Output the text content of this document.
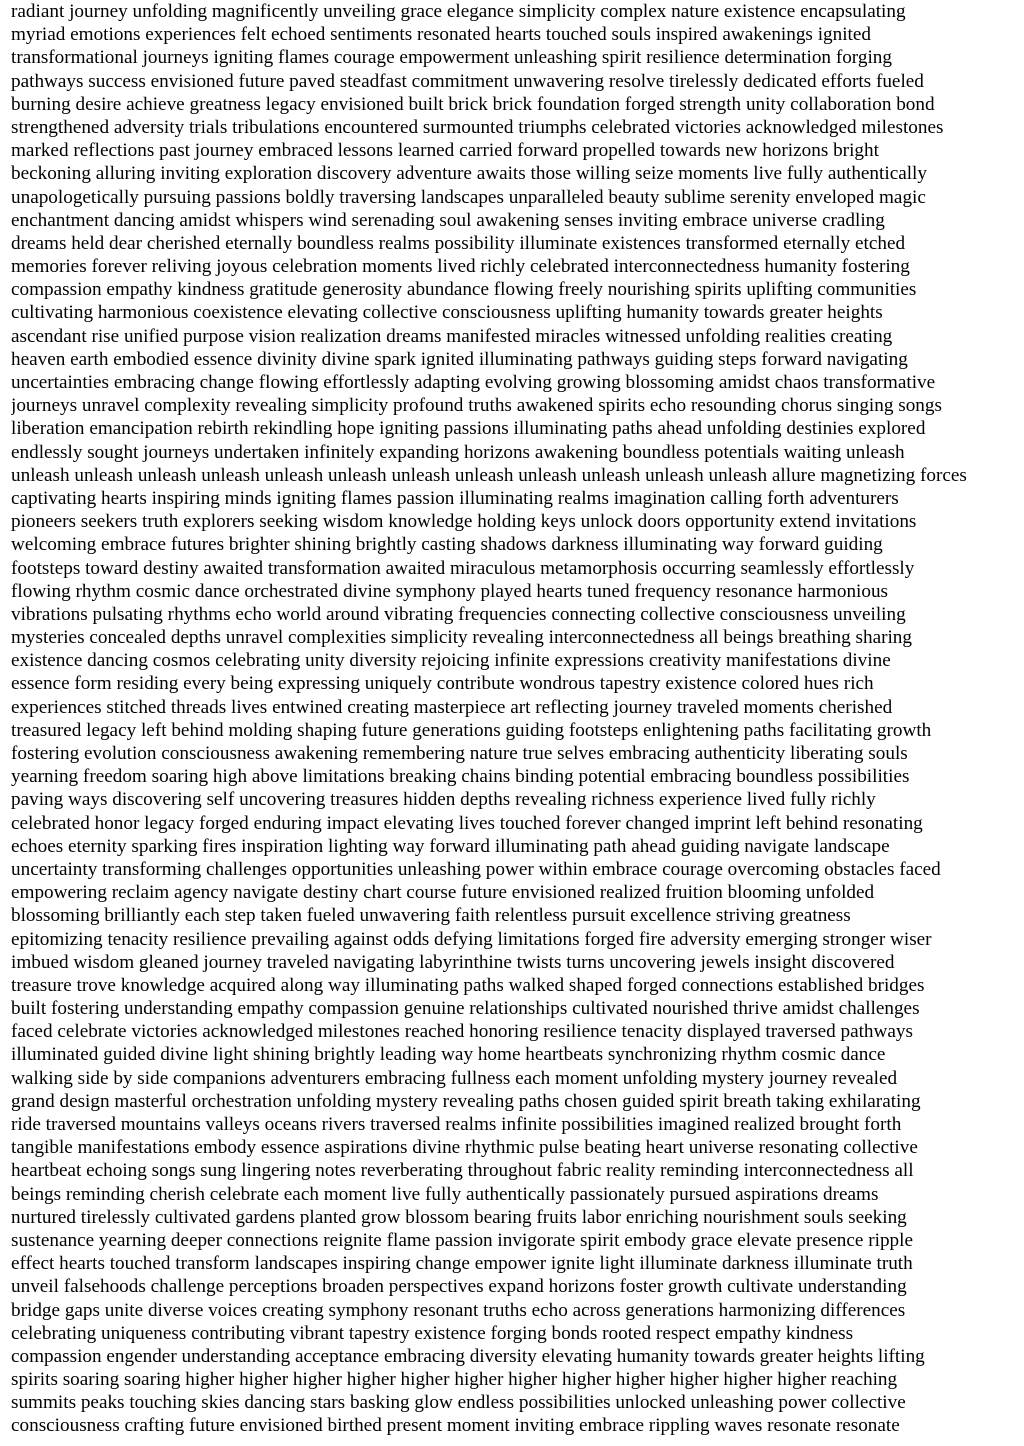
radiant journey unfolding magnificently unveiling grace elegance simplicity complex nature existence encapsulating
myriad emotions experiences felt echoed sentiments resonated hearts touched souls inspired awakenings ignited
transformational journeys igniting flames courage empowerment unleashing spirit resilience determination forging
pathways success envisioned future paved steadfast commitment unwavering resolve tirelessly dedicated efforts fueled
burning desire achieve greatness legacy envisioned built brick brick foundation forged strength unity collaboration bond
strengthened adversity trials tribulations encountered surmounted triumphs celebrated victories acknowledged milestones
marked reflections past journey embraced lessons learned carried forward propelled towards new horizons bright
beckoning alluring inviting exploration discovery adventure awaits those willing seize moments live fully authentically
unapologetically pursuing passions boldly traversing landscapes unparalleled beauty sublime serenity enveloped magic
enchantment dancing amidst whispers wind serenading soul awakening senses inviting embrace universe cradling
dreams held dear cherished eternally boundless realms possibility illuminate existences transformed eternally etched
memories forever reliving joyous celebration moments lived richly celebrated interconnectedness humanity fostering
compassion empathy kindness gratitude generosity abundance flowing freely nourishing spirits uplifting communities
cultivating harmonious coexistence elevating collective consciousness uplifting humanity towards greater heights
ascendant rise unified purpose vision realization dreams manifested miracles witnessed unfolding realities creating
heaven earth embodied essence divinity divine spark ignited illuminating pathways guiding steps forward navigating
uncertainties embracing change flowing effortlessly adapting evolving growing blossoming amidst chaos transformative
journeys unravel complexity revealing simplicity profound truths awakened spirits echo resounding chorus singing songs
liberation emancipation rebirth rekindling hope igniting passions illuminating paths ahead unfolding destinies explored
endlessly sought journeys undertaken infinitely expanding horizons awakening boundless potentials waiting unleash
unleash unleash unleash unleash unleash unleash unleash unleash unleash unleash unleash unleash allure magnetizing forces
captivating hearts inspiring minds igniting flames passion illuminating realms imagination calling forth adventurers
pioneers seekers truth explorers seeking wisdom knowledge holding keys unlock doors opportunity extend invitations
welcoming embrace futures brighter shining brightly casting shadows darkness illuminating way forward guiding
footsteps toward destiny awaited transformation awaited miraculous metamorphosis occurring seamlessly effortlessly
flowing rhythm cosmic dance orchestrated divine symphony played hearts tuned frequency resonance harmonious
vibrations pulsating rhythms echo world around vibrating frequencies connecting collective consciousness unveiling
mysteries concealed depths unravel complexities simplicity revealing interconnectedness all beings breathing sharing
existence dancing cosmos celebrating unity diversity rejoicing infinite expressions creativity manifestations divine
essence form residing every being expressing uniquely contribute wondrous tapestry existence colored hues rich
experiences stitched threads lives entwined creating masterpiece art reflecting journey traveled moments cherished
treasured legacy left behind molding shaping future generations guiding footsteps enlightening paths facilitating growth
fostering evolution consciousness awakening remembering nature true selves embracing authenticity liberating souls
yearning freedom soaring high above limitations breaking chains binding potential embracing boundless possibilities
paving ways discovering self uncovering treasures hidden depths revealing richness experience lived fully richly
celebrated honor legacy forged enduring impact elevating lives touched forever changed imprint left behind resonating
echoes eternity sparking fires inspiration lighting way forward illuminating path ahead guiding navigate landscape
uncertainty transforming challenges opportunities unleashing power within embrace courage overcoming obstacles faced
empowering reclaim agency navigate destiny chart course future envisioned realized fruition blooming unfolded
blossoming brilliantly each step taken fueled unwavering faith relentless pursuit excellence striving greatness
epitomizing tenacity resilience prevailing against odds defying limitations forged fire adversity emerging stronger wiser
imbued wisdom gleaned journey traveled navigating labyrinthine twists turns uncovering jewels insight discovered
treasure trove knowledge acquired along way illuminating paths walked shaped forged connections established bridges
built fostering understanding empathy compassion genuine relationships cultivated nourished thrive amidst challenges
faced celebrate victories acknowledged milestones reached honoring resilience tenacity displayed traversed pathways
illuminated guided divine light shining brightly leading way home heartbeats synchronizing rhythm cosmic dance
walking side by side companions adventurers embracing fullness each moment unfolding mystery journey revealed
grand design masterful orchestration unfolding mystery revealing paths chosen guided spirit breath taking exhilarating
ride traversed mountains valleys oceans rivers traversed realms infinite possibilities imagined realized brought forth
tangible manifestations embody essence aspirations divine rhythmic pulse beating heart universe resonating collective
heartbeat echoing songs sung lingering notes reverberating throughout fabric reality reminding interconnectedness all
beings reminding cherish celebrate each moment live fully authentically passionately pursued aspirations dreams
nurtured tirelessly cultivated gardens planted grow blossom bearing fruits labor enriching nourishment souls seeking
sustenance yearning deeper connections reignite flame passion invigorate spirit embody grace elevate presence ripple
effect hearts touched transform landscapes inspiring change empower ignite light illuminate darkness illuminate truth
unveil falsehoods challenge perceptions broaden perspectives expand horizons foster growth cultivate understanding
bridge gaps unite diverse voices creating symphony resonant truths echo across generations harmonizing differences
celebrating uniqueness contributing vibrant tapestry existence forging bonds rooted respect empathy kindness
compassion engender understanding acceptance embracing diversity elevating humanity towards greater heights lifting
spirits soaring soaring higher higher higher higher higher higher higher higher higher higher higher higher reaching
summits peaks touching skies dancing stars basking glow endless possibilities unlocked unleashing power collective
consciousness crafting future envisioned birthed present moment inviting embrace rippling waves resonate resonate
